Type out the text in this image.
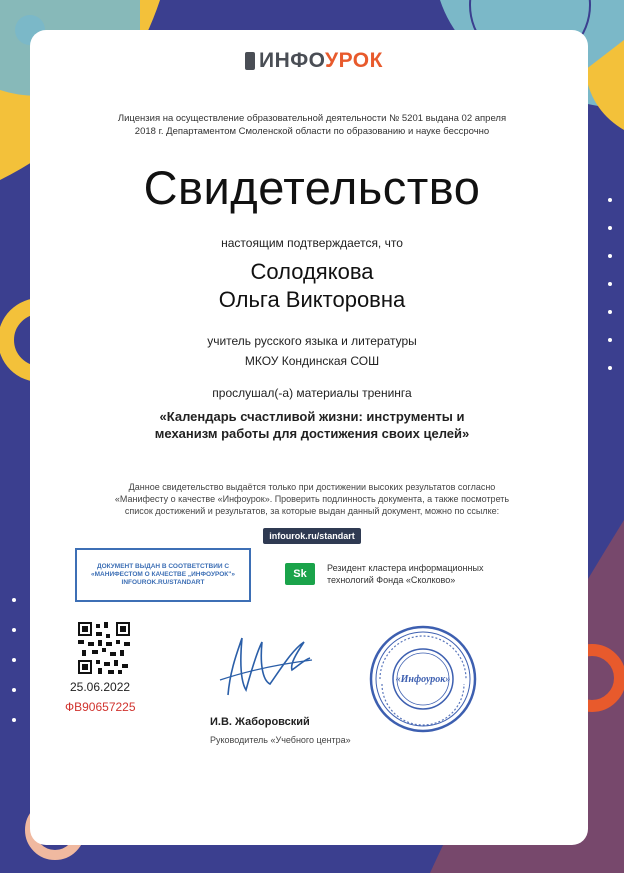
ИНФОУРОК
Лицензия на осуществление образовательной деятельности № 5201 выдана 02 апреля
2018 г. Департаментом Смоленской области по образованию и науке бессрочно
Свидетельство
настоящим подтверждается, что
Солодякова
Ольга Викторовна
учитель русского языка и литературы
МКОУ Кондинская СОШ
прослушал(-а) материалы тренинга
«Календарь счастливой жизни: инструменты и
механизм работы для достижения своих целей»
Данное свидетельство выдаётся только при достижении высоких результатов согласно
«Манифесту о качестве «Инфоурок». Проверить подлинность документа, а также посмотреть
список достижений и результатов, за которые выдан данный документ, можно по ссылке:
infourok.ru/standart
ДОКУМЕНТ ВЫДАН В СООТВЕТСТВИИ С
«МАНИФЕСТОМ О КАЧЕСТВЕ „ИНФОУРОК"»
INFOUROK.RU/STANDART
Sk	Резидент кластера информационных
технологий Фонда «Сколково»
25.06.2022
ФВ90657225
И.В. Жаборовский
Руководитель «Учебного центра»
«Инфоурок»
